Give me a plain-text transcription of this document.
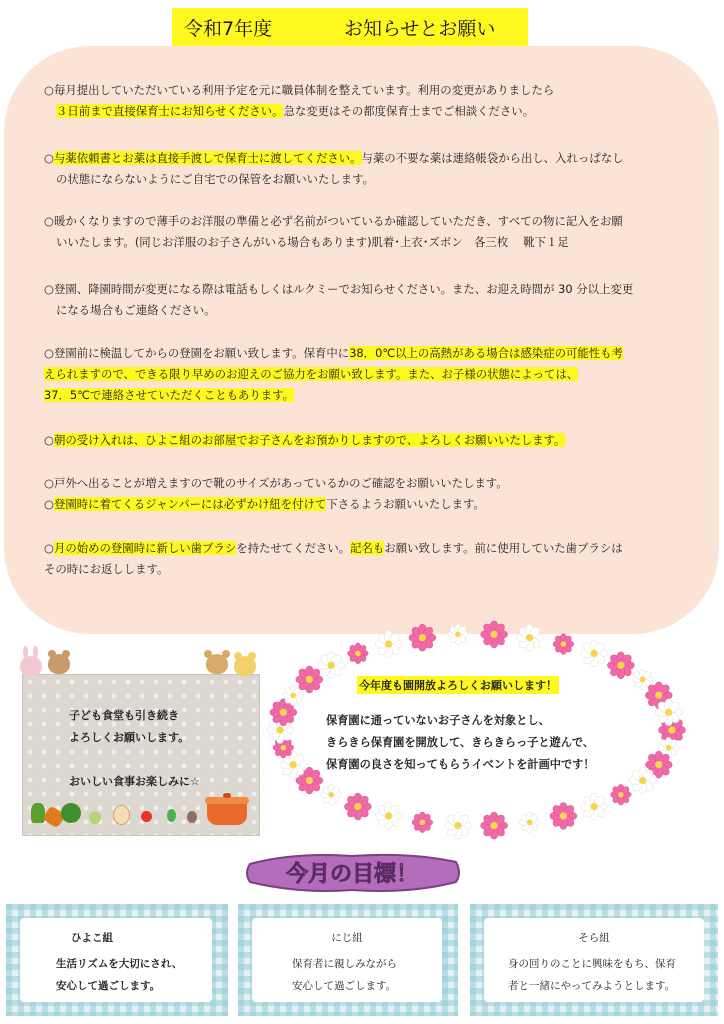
令和7年度	お知らせとお願い
○毎月提出していただいている利用予定を元に職員体制を整えています。利用の変更がありましたら
３日前まで直接保育士にお知らせください。急な変更はその都度保育士までご相談ください。
○与薬依頼書とお薬は直接手渡しで保育士に渡してください。与薬の不要な薬は連絡帳袋から出し、入れっぱなし
の状態にならないようにご自宅での保管をお願いいたします。
○暖かくなりますので薄手のお洋服の準備と必ず名前がついているか確認していただき、すべての物に記入をお願
いいたします。(同じお洋服のお子さんがいる場合もあります)肌着･上衣･ズボン　各三枚　 靴下１足
○登園、降園時間が変更になる際は電話もしくはルクミーでお知らせください。また、お迎え時間が 30 分以上変更
になる場合もご連絡ください。
○登園前に検温してからの登園をお願い致します。保育中に38．0℃以上の高熱がある場合は感染症の可能性も考
えられますので、できる限り早めのお迎えのご協力をお願い致します。また、お子様の状態によっては、
37．5℃で連絡させていただくこともあります。
○朝の受け入れは、ひよこ組のお部屋でお子さんをお預かりしますので、よろしくお願いいたします。
○戸外へ出ることが増えますので靴のサイズがあっているかのご確認をお願いいたします。
○登園時に着てくるジャンパーには必ずかけ紐を付けて下さるようお願いいたします。
○月の始めの登園時に新しい歯ブラシを持たせてください。記名もお願い致します。前に使用していた歯ブラシは
その時にお返しします。
子ども食堂も引き続き
よろしくお願いします。
おいしい食事お楽しみに☆
今年度も園開放よろしくお願いします！
保育園に通っていないお子さんを対象とし、
きらきら保育園を開放して、きらきらっ子と遊んで、
保育園の良さを知ってもらうイベントを計画中です！
今月の目標！
ひよこ組
生活リズムを大切にされ、
安心して過ごします。
にじ組
保育者に親しみながら
安心して過ごします。
そら組
身の回りのことに興味をもち、保育
者と一緒にやってみようとします。
